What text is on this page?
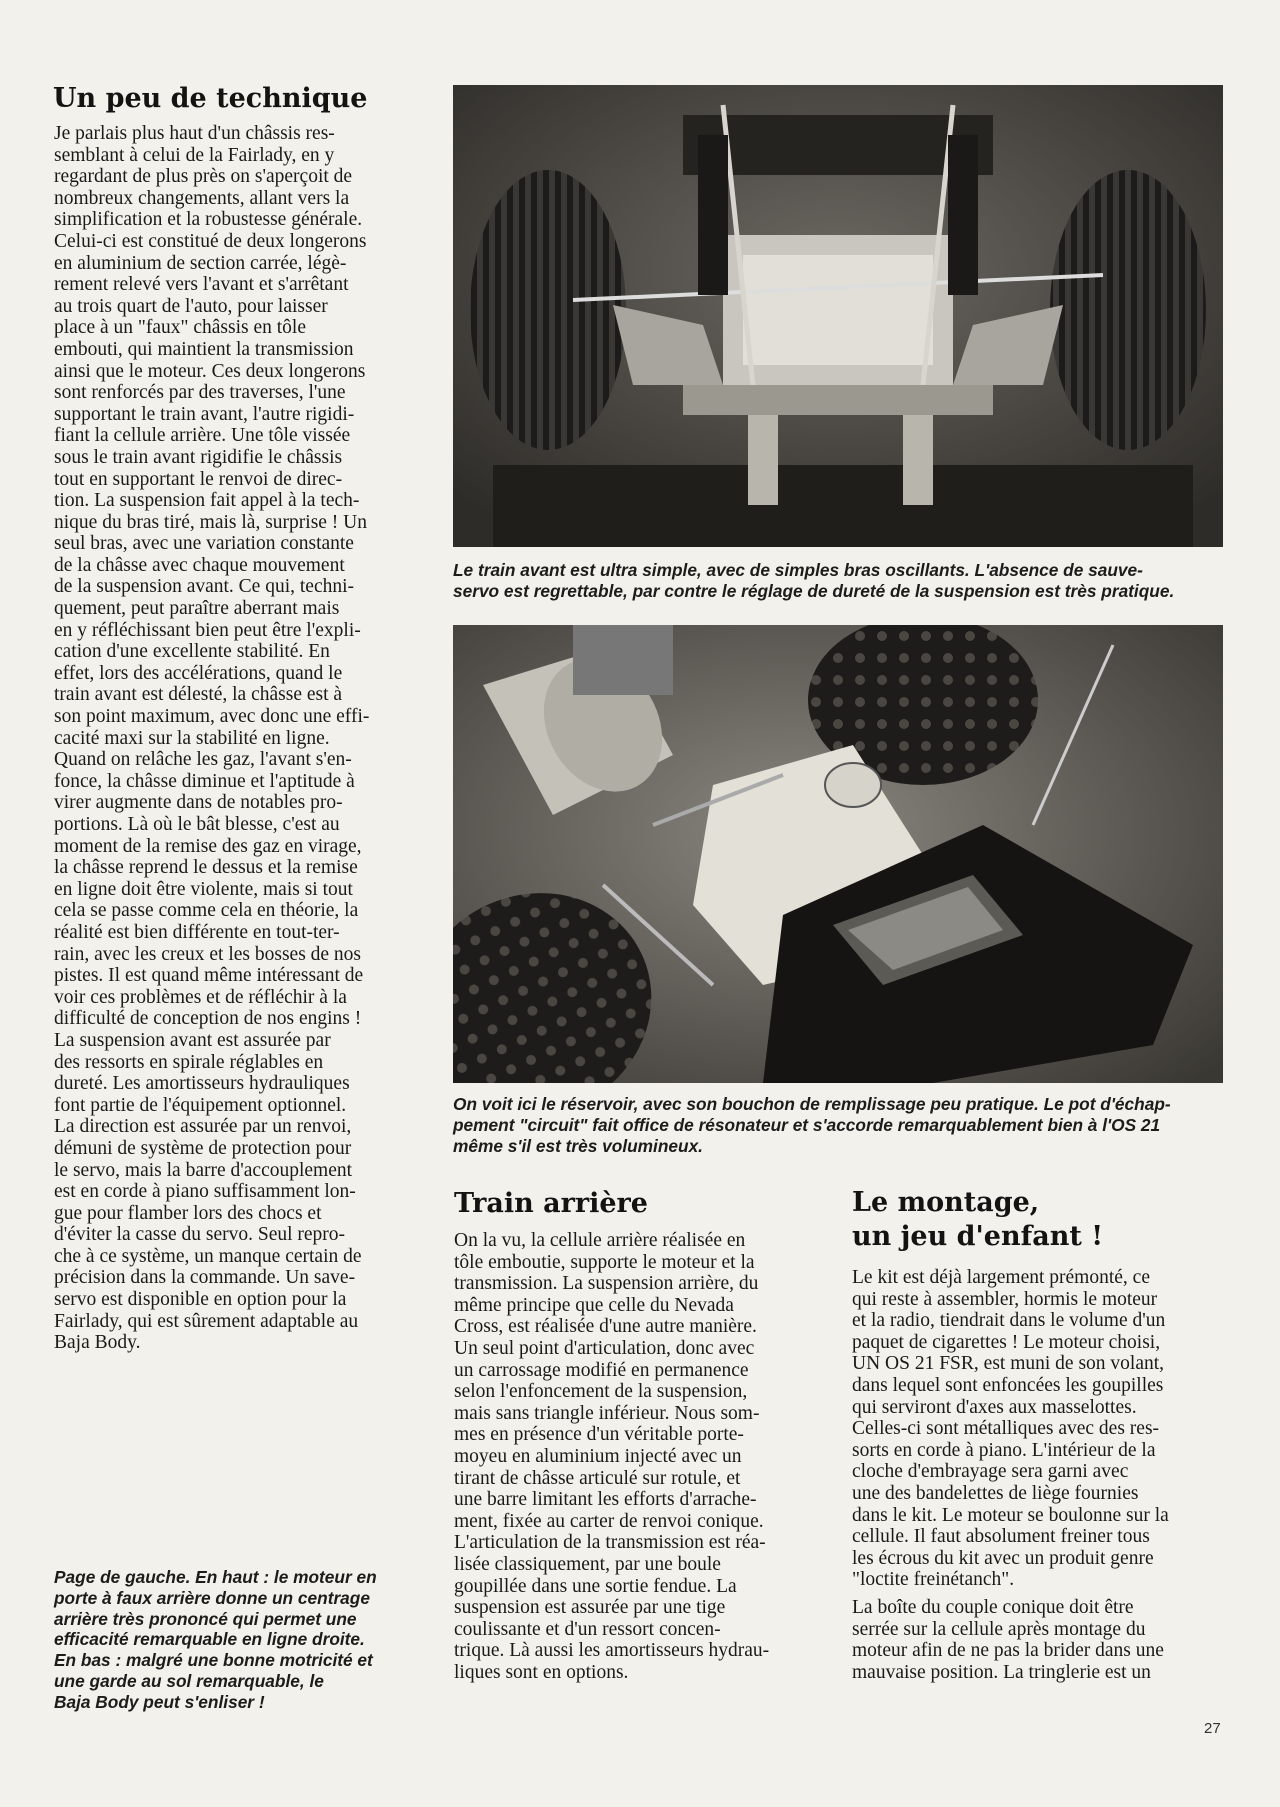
Un peu de technique

Je parlais plus haut d'un châssis res-
semblant à celui de la Fairlady, en y
regardant de plus près on s'aperçoit de
nombreux changements, allant vers la
simplification et la robustesse générale.
Celui-ci est constitué de deux longerons
en aluminium de section carrée, légè-
rement relevé vers l'avant et s'arrêtant
au trois quart de l'auto, pour laisser
place à un "faux" châssis en tôle
embouti, qui maintient la transmission
ainsi que le moteur. Ces deux longerons
sont renforcés par des traverses, l'une
supportant le train avant, l'autre rigidi-
fiant la cellule arrière. Une tôle vissée
sous le train avant rigidifie le châssis
tout en supportant le renvoi de direc-
tion. La suspension fait appel à la tech-
nique du bras tiré, mais là, surprise ! Un
seul bras, avec une variation constante
de la châsse avec chaque mouvement
de la suspension avant. Ce qui, techni-
quement, peut paraître aberrant mais
en y réfléchissant bien peut être l'expli-
cation d'une excellente stabilité. En
effet, lors des accélérations, quand le
train avant est délesté, la châsse est à
son point maximum, avec donc une effi-
cacité maxi sur la stabilité en ligne.
Quand on relâche les gaz, l'avant s'en-
fonce, la châsse diminue et l'aptitude à
virer augmente dans de notables pro-
portions. Là où le bât blesse, c'est au
moment de la remise des gaz en virage,
la châsse reprend le dessus et la remise
en ligne doit être violente, mais si tout
cela se passe comme cela en théorie, la
réalité est bien différente en tout-ter-
rain, avec les creux et les bosses de nos
pistes. Il est quand même intéressant de
voir ces problèmes et de réfléchir à la
difficulté de conception de nos engins !
La suspension avant est assurée par
des ressorts en spirale réglables en
dureté. Les amortisseurs hydrauliques
font partie de l'équipement optionnel.
La direction est assurée par un renvoi,
démuni de système de protection pour
le servo, mais la barre d'accouplement
est en corde à piano suffisamment lon-
gue pour flamber lors des chocs et
d'éviter la casse du servo. Seul repro-
che à ce système, un manque certain de
précision dans la commande. Un save-
servo est disponible en option pour la
Fairlady, qui est sûrement adaptable au
Baja Body.

Page de gauche. En haut : le moteur en
porte à faux arrière donne un centrage
arrière très prononcé qui permet une
efficacité remarquable en ligne droite.
En bas : malgré une bonne motricité et
une garde au sol remarquable, le
Baja Body peut s'enliser !
Le train avant est ultra simple, avec de simples bras oscillants. L'absence de sauve-
servo est regrettable, par contre le réglage de dureté de la suspension est très pratique.
On voit ici le réservoir, avec son bouchon de remplissage peu pratique. Le pot d'échap-
pement "circuit" fait office de résonateur et s'accorde remarquablement bien à l'OS 21
même s'il est très volumineux.
Train arrière

On la vu, la cellule arrière réalisée en
tôle emboutie, supporte le moteur et la
transmission. La suspension arrière, du
même principe que celle du Nevada
Cross, est réalisée d'une autre manière.
Un seul point d'articulation, donc avec
un carrossage modifié en permanence
selon l'enfoncement de la suspension,
mais sans triangle inférieur. Nous som-
mes en présence d'un véritable porte-
moyeu en aluminium injecté avec un
tirant de châsse articulé sur rotule, et
une barre limitant les efforts d'arrache-
ment, fixée au carter de renvoi conique.
L'articulation de la transmission est réa-
lisée classiquement, par une boule
goupillée dans une sortie fendue. La
suspension est assurée par une tige
coulissante et d'un ressort concen-
trique. Là aussi les amortisseurs hydrau-
liques sont en options.

Le montage,
un jeu d'enfant !

Le kit est déjà largement prémonté, ce
qui reste à assembler, hormis le moteur
et la radio, tiendrait dans le volume d'un
paquet de cigarettes ! Le moteur choisi,
UN OS 21 FSR, est muni de son volant,
dans lequel sont enfoncées les goupilles
qui serviront d'axes aux masselottes.
Celles-ci sont métalliques avec des res-
sorts en corde à piano. L'intérieur de la
cloche d'embrayage sera garni avec
une des bandelettes de liège fournies
dans le kit. Le moteur se boulonne sur la
cellule. Il faut absolument freiner tous
les écrous du kit avec un produit genre
"loctite freinétanch".

La boîte du couple conique doit être
serrée sur la cellule après montage du
moteur afin de ne pas la brider dans une
mauvaise position. La tringlerie est un

27
